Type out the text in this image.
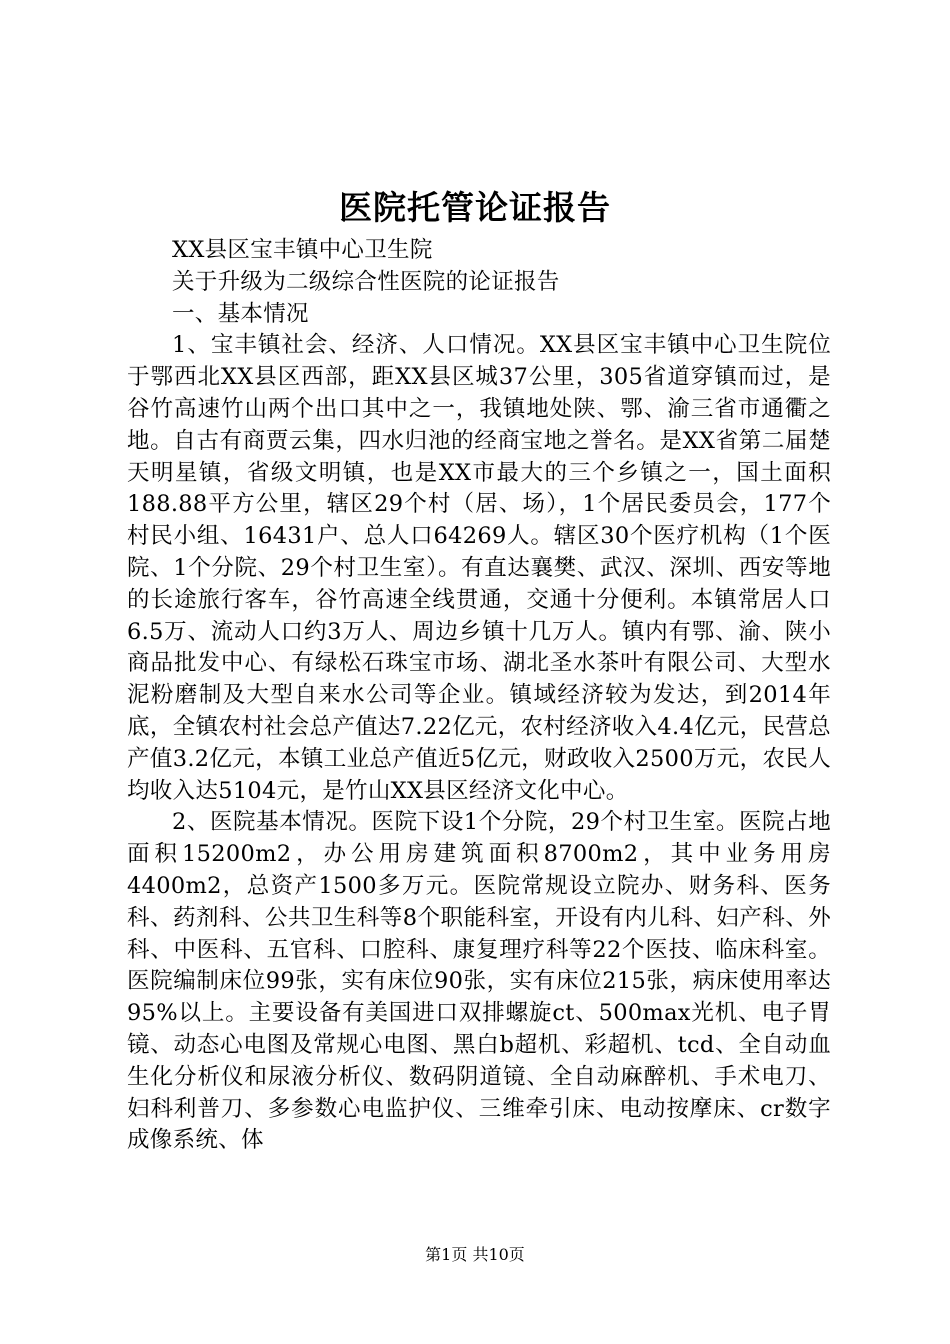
医院托管论证报告

XX县区宝丰镇中心卫生院

关于升级为二级综合性医院的论证报告

一、基本情况

1、宝丰镇社会、经济、人口情况。XX县区宝丰镇中心卫生院位于鄂西北XX县区西部，距XX县区城37公里，305省道穿镇而过，是谷竹高速竹山两个出口其中之一，我镇地处陕、鄂、渝三省市通衢之地。自古有商贾云集，四水归池的经商宝地之誉名。是XX省第二届楚天明星镇，省级文明镇，也是XX市最大的三个乡镇之一，国土面积188.88平方公里，辖区29个村（居、场），1个居民委员会，177个村民小组、16431户、总人口64269人。辖区30个医疗机构（1个医院、1个分院、29个村卫生室）。有直达襄樊、武汉、深圳、西安等地的长途旅行客车，谷竹高速全线贯通，交通十分便利。本镇常居人口6.5万、流动人口约3万人、周边乡镇十几万人。镇内有鄂、渝、陕小商品批发中心、有绿松石珠宝市场、湖北圣水茶叶有限公司、大型水泥粉磨制及大型自来水公司等企业。镇域经济较为发达，到2014年底，全镇农村社会总产值达7.22亿元，农村经济收入4.4亿元，民营总产值3.2亿元，本镇工业总产值近5亿元，财政收入2500万元，农民人均收入达5104元，是竹山XX县区经济文化中心。

2、医院基本情况。医院下设1个分院，29个村卫生室。医院占地面积15200m2，办公用房建筑面积8700m2，其中业务用房4400m2，总资产1500多万元。医院常规设立院办、财务科、医务科、药剂科、公共卫生科等8个职能科室，开设有内儿科、妇产科、外科、中医科、五官科、口腔科、康复理疗科等22个医技、临床科室。医院编制床位99张，实有床位90张，实有床位215张，病床使用率达95%以上。主要设备有美国进口双排螺旋ct、500max光机、电子胃镜、动态心电图及常规心电图、黑白b超机、彩超机、tcd、全自动血生化分析仪和尿液分析仪、数码阴道镜、全自动麻醉机、手术电刀、妇科利普刀、多参数心电监护仪、三维牵引床、电动按摩床、cr数字成像系统、体

第1页 共10页
